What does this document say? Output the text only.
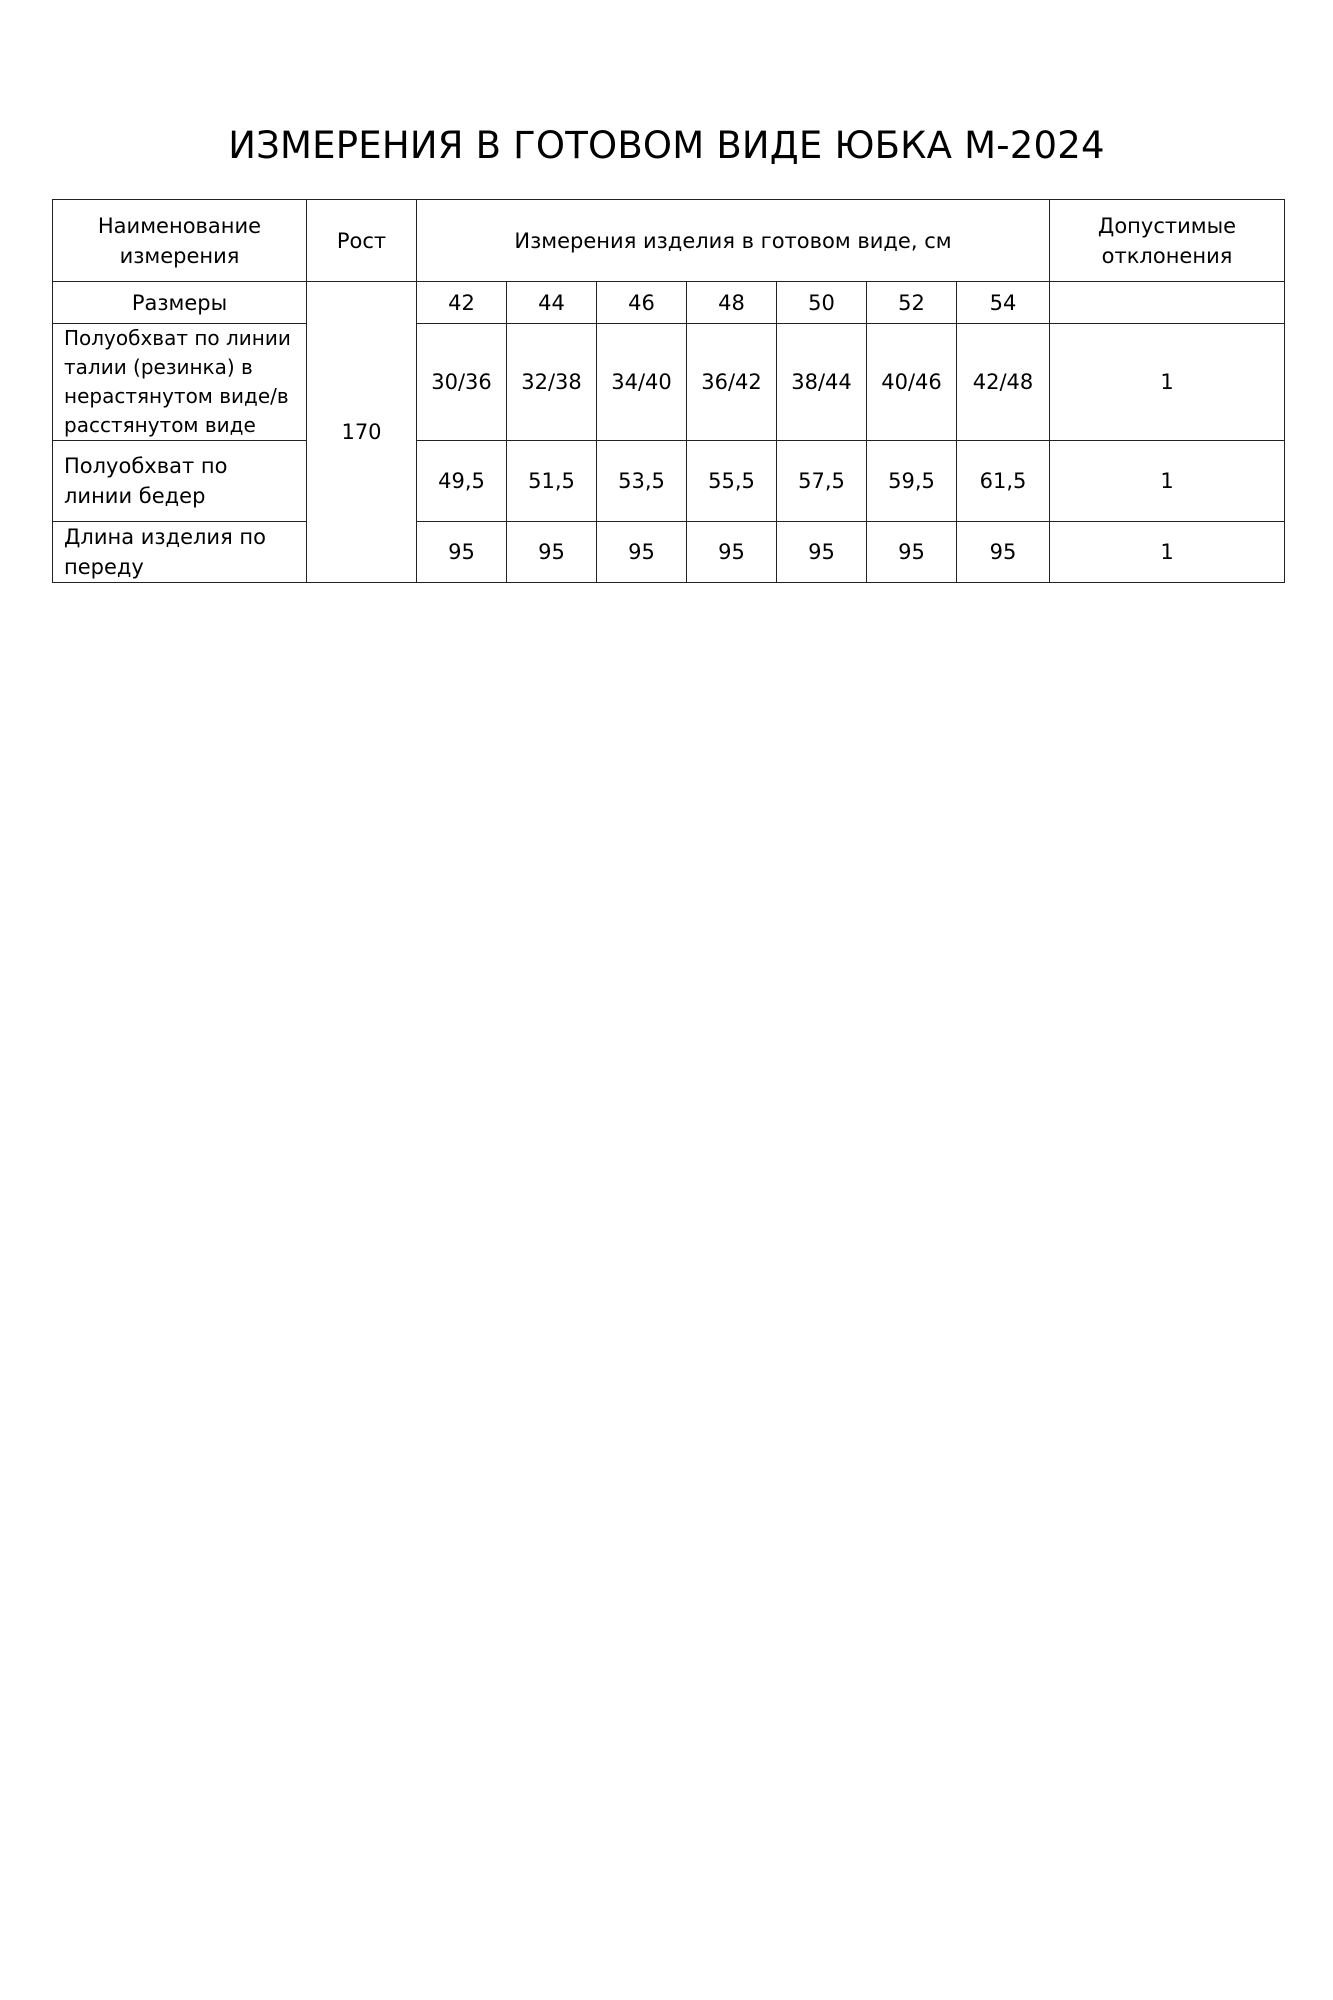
ИЗМЕРЕНИЯ В ГОТОВОМ ВИДЕ ЮБКА М-2024
Наименование измерения	Рост	Измерения изделия в готовом виде, см							Допустимые отклонения
Размеры	170	42	44	46	48	50	52	54	
Полуобхват по линии талии (резинка) в нерастянутом виде/в расстянутом виде		30/36	32/38	34/40	36/42	38/44	40/46	42/48	1
Полуобхват по линии бедер		49,5	51,5	53,5	55,5	57,5	59,5	61,5	1
Длина изделия по переду		95	95	95	95	95	95	95	1
